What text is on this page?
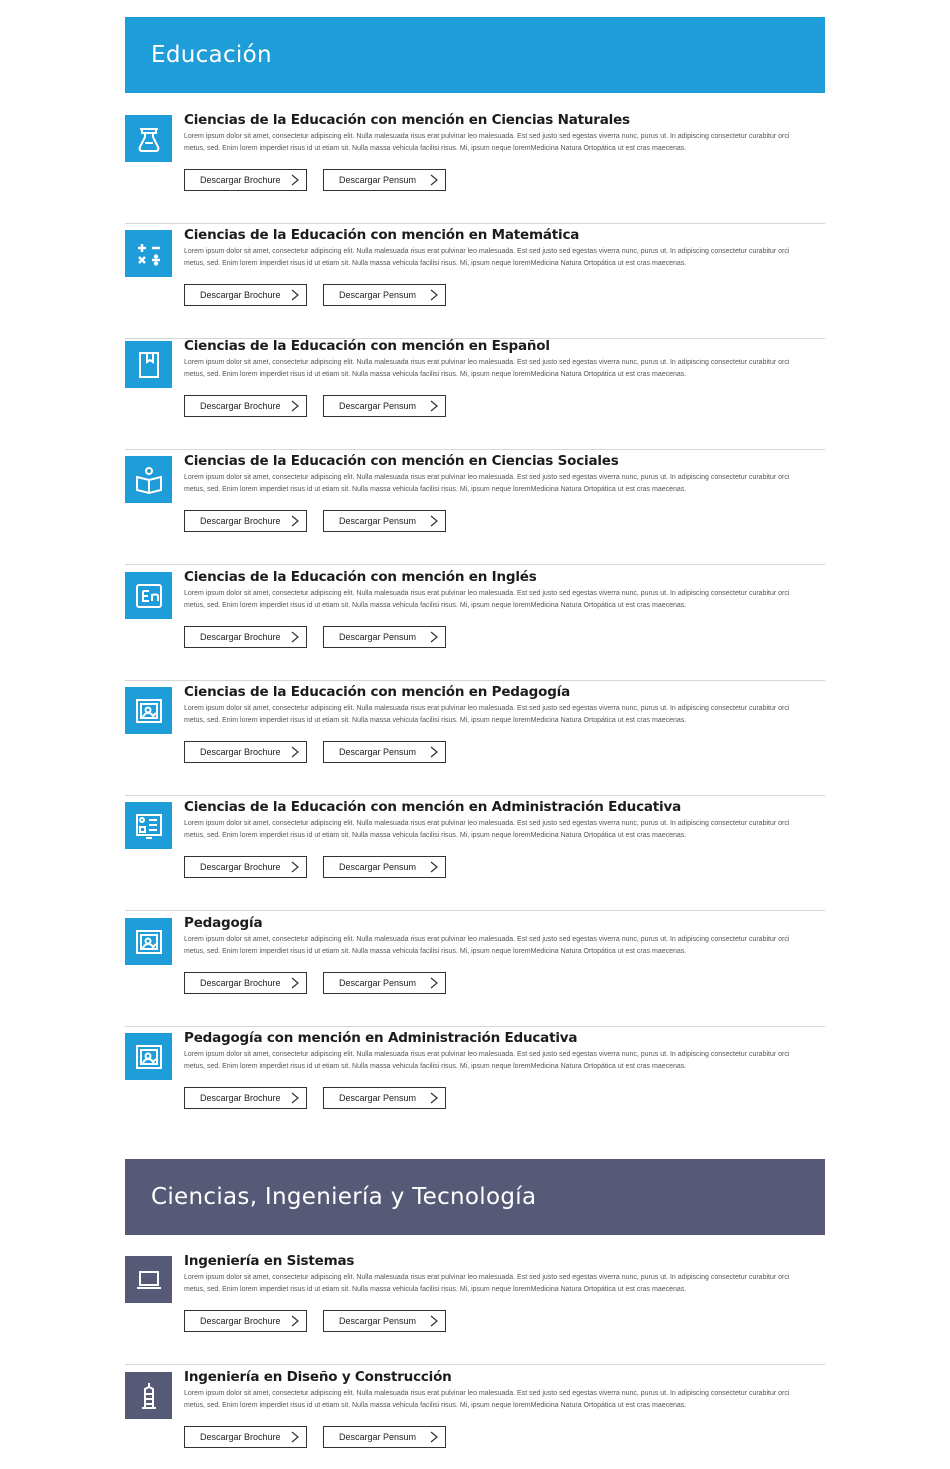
Educación
Ciencias, Ingeniería y Tecnología
Ciencias de la Educación con mención en Ciencias Naturales

Lorem ipsum dolor sit amet, consectetur adipiscing elit. Nulla malesuada risus erat pulvinar leo malesuada. Est sed justo sed egestas viverra nunc, purus ut. In adipiscing consectetur curabitur orci metus, sed. Enim lorem imperdiet risus id ut etiam sit. Nulla massa vehicula facilisi risus. Mi, ipsum neque loremMedicina Natura Ortopática ut est cras maecenas.

Descargar Brochure	Descargar Pensum
Ciencias de la Educación con mención en Matemática

Lorem ipsum dolor sit amet, consectetur adipiscing elit. Nulla malesuada risus erat pulvinar leo malesuada. Est sed justo sed egestas viverra nunc, purus ut. In adipiscing consectetur curabitur orci metus, sed. Enim lorem imperdiet risus id ut etiam sit. Nulla massa vehicula facilisi risus. Mi, ipsum neque loremMedicina Natura Ortopática ut est cras maecenas.

Descargar Brochure	Descargar Pensum
Ciencias de la Educación con mención en Español

Lorem ipsum dolor sit amet, consectetur adipiscing elit. Nulla malesuada risus erat pulvinar leo malesuada. Est sed justo sed egestas viverra nunc, purus ut. In adipiscing consectetur curabitur orci metus, sed. Enim lorem imperdiet risus id ut etiam sit. Nulla massa vehicula facilisi risus. Mi, ipsum neque loremMedicina Natura Ortopática ut est cras maecenas.

Descargar Brochure	Descargar Pensum
Ciencias de la Educación con mención en Ciencias Sociales

Lorem ipsum dolor sit amet, consectetur adipiscing elit. Nulla malesuada risus erat pulvinar leo malesuada. Est sed justo sed egestas viverra nunc, purus ut. In adipiscing consectetur curabitur orci metus, sed. Enim lorem imperdiet risus id ut etiam sit. Nulla massa vehicula facilisi risus. Mi, ipsum neque loremMedicina Natura Ortopática ut est cras maecenas.

Descargar Brochure	Descargar Pensum
Ciencias de la Educación con mención en Inglés

Lorem ipsum dolor sit amet, consectetur adipiscing elit. Nulla malesuada risus erat pulvinar leo malesuada. Est sed justo sed egestas viverra nunc, purus ut. In adipiscing consectetur curabitur orci metus, sed. Enim lorem imperdiet risus id ut etiam sit. Nulla massa vehicula facilisi risus. Mi, ipsum neque loremMedicina Natura Ortopática ut est cras maecenas.

Descargar Brochure	Descargar Pensum
Ciencias de la Educación con mención en Pedagogía

Lorem ipsum dolor sit amet, consectetur adipiscing elit. Nulla malesuada risus erat pulvinar leo malesuada. Est sed justo sed egestas viverra nunc, purus ut. In adipiscing consectetur curabitur orci metus, sed. Enim lorem imperdiet risus id ut etiam sit. Nulla massa vehicula facilisi risus. Mi, ipsum neque loremMedicina Natura Ortopática ut est cras maecenas.

Descargar Brochure	Descargar Pensum
Ciencias de la Educación con mención en Administración Educativa

Lorem ipsum dolor sit amet, consectetur adipiscing elit. Nulla malesuada risus erat pulvinar leo malesuada. Est sed justo sed egestas viverra nunc, purus ut. In adipiscing consectetur curabitur orci metus, sed. Enim lorem imperdiet risus id ut etiam sit. Nulla massa vehicula facilisi risus. Mi, ipsum neque loremMedicina Natura Ortopática ut est cras maecenas.

Descargar Brochure	Descargar Pensum
Pedagogía

Lorem ipsum dolor sit amet, consectetur adipiscing elit. Nulla malesuada risus erat pulvinar leo malesuada. Est sed justo sed egestas viverra nunc, purus ut. In adipiscing consectetur curabitur orci metus, sed. Enim lorem imperdiet risus id ut etiam sit. Nulla massa vehicula facilisi risus. Mi, ipsum neque loremMedicina Natura Ortopática ut est cras maecenas.

Descargar Brochure	Descargar Pensum
Pedagogía con mención en Administración Educativa

Lorem ipsum dolor sit amet, consectetur adipiscing elit. Nulla malesuada risus erat pulvinar leo malesuada. Est sed justo sed egestas viverra nunc, purus ut. In adipiscing consectetur curabitur orci metus, sed. Enim lorem imperdiet risus id ut etiam sit. Nulla massa vehicula facilisi risus. Mi, ipsum neque loremMedicina Natura Ortopática ut est cras maecenas.

Descargar Brochure	Descargar Pensum
Ingeniería en Sistemas

Lorem ipsum dolor sit amet, consectetur adipiscing elit. Nulla malesuada risus erat pulvinar leo malesuada. Est sed justo sed egestas viverra nunc, purus ut. In adipiscing consectetur curabitur orci metus, sed. Enim lorem imperdiet risus id ut etiam sit. Nulla massa vehicula facilisi risus. Mi, ipsum neque loremMedicina Natura Ortopática ut est cras maecenas.

Descargar Brochure	Descargar Pensum
Ingeniería en Diseño y Construcción

Lorem ipsum dolor sit amet, consectetur adipiscing elit. Nulla malesuada risus erat pulvinar leo malesuada. Est sed justo sed egestas viverra nunc, purus ut. In adipiscing consectetur curabitur orci metus, sed. Enim lorem imperdiet risus id ut etiam sit. Nulla massa vehicula facilisi risus. Mi, ipsum neque loremMedicina Natura Ortopática ut est cras maecenas.

Descargar Brochure	Descargar Pensum
